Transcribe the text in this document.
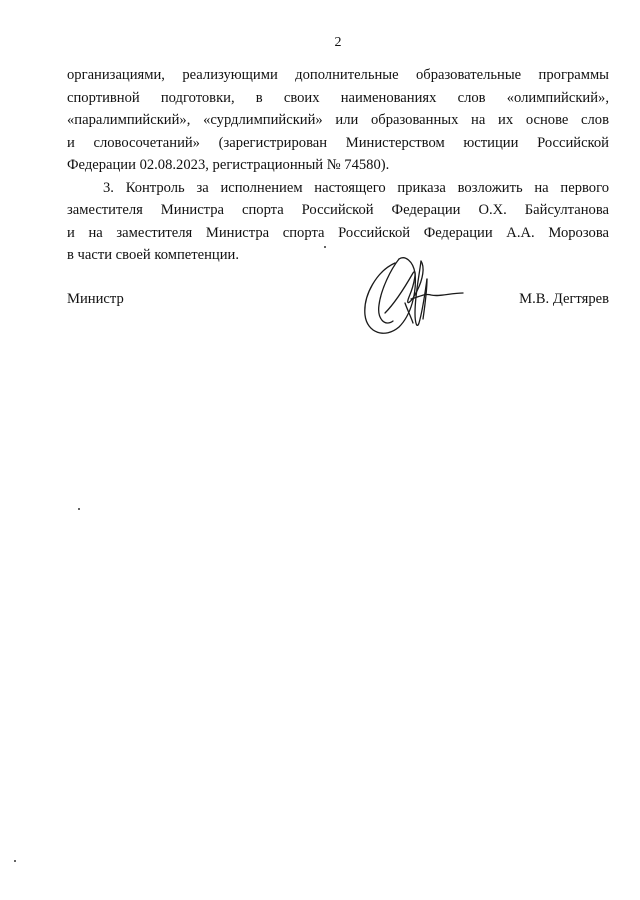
2

организациями, реализующими дополнительные образовательные программы
спортивной подготовки, в своих наименованиях слов «олимпийский»,
«паралимпийский», «сурдлимпийский» или образованных на их основе слов
и словосочетаний» (зарегистрирован Министерством юстиции Российской
Федерации 02.08.2023, регистрационный № 74580).

3. Контроль за исполнением настоящего приказа возложить на первого
заместителя Министра спорта Российской Федерации О.Х. Байсултанова
и на заместителя Министра спорта Российской Федерации А.А. Морозова
в части своей компетенции.

Министр	М.В. Дегтярев
